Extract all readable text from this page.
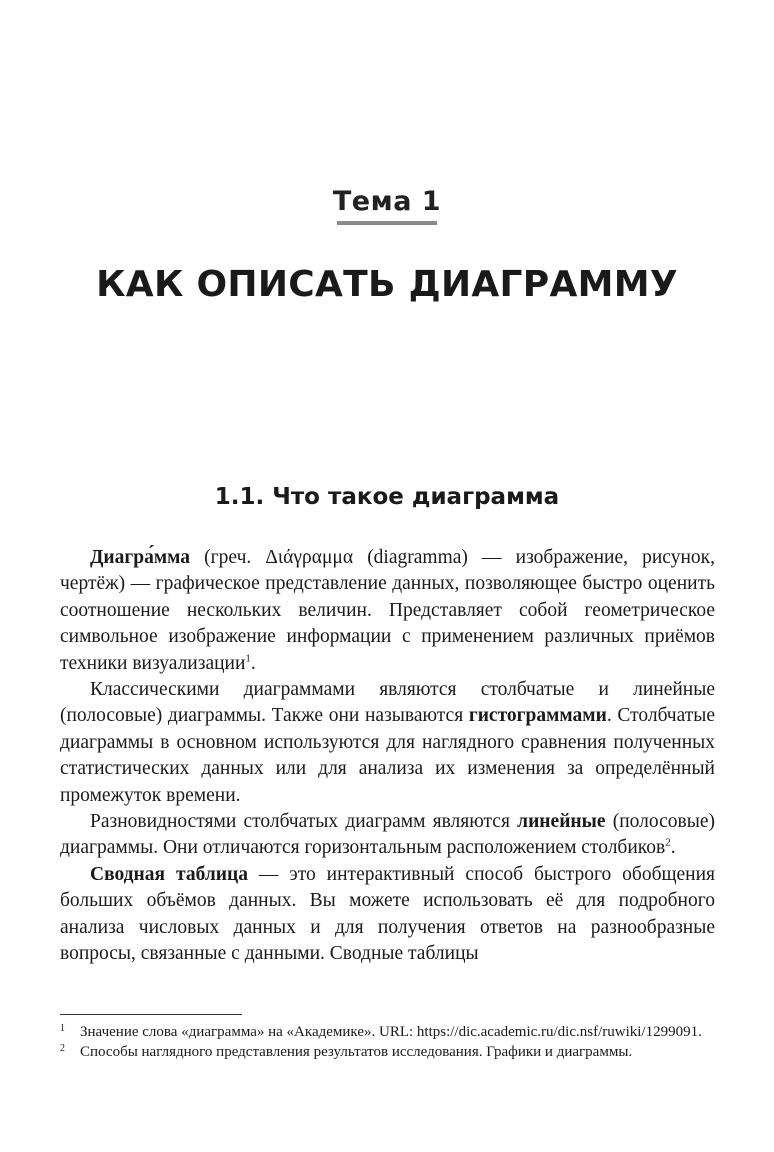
Тема 1
КАК ОПИСАТЬ ДИАГРАММУ
1.1. Что такое диаграмма

Диагра́мма (греч. Διάγραμμα (diagramma) — изображение, рисунок, чертёж) — графическое представление данных, позволяющее быстро оценить соотношение нескольких величин. Представляет собой геометрическое символьное изображение информации с применением различных приёмов техники визуализации$^1$.

Классическими диаграммами являются столбчатые и линейные (полосовые) диаграммы. Также они называются гистограммами. Столбчатые диаграммы в основном используются для наглядного сравнения полученных статистических данных или для анализа их изменения за определённый промежуток времени.

Разновидностями столбчатых диаграмм являются линейные (полосовые) диаграммы. Они отличаются горизонтальным расположением столбиков$^2$.

Сводная таблица — это интерактивный способ быстрого обобщения больших объёмов данных. Вы можете использовать её для подробного анализа числовых данных и для получения ответов на разнообразные вопросы, связанные с данными. Сводные таблицы

1 Значение слова «диаграмма» на «Академике». URL: https://dic.academic.ru/dic.nsf/ruwiki/1299091.
2 Способы наглядного представления результатов исследования. Графики и диаграммы.
